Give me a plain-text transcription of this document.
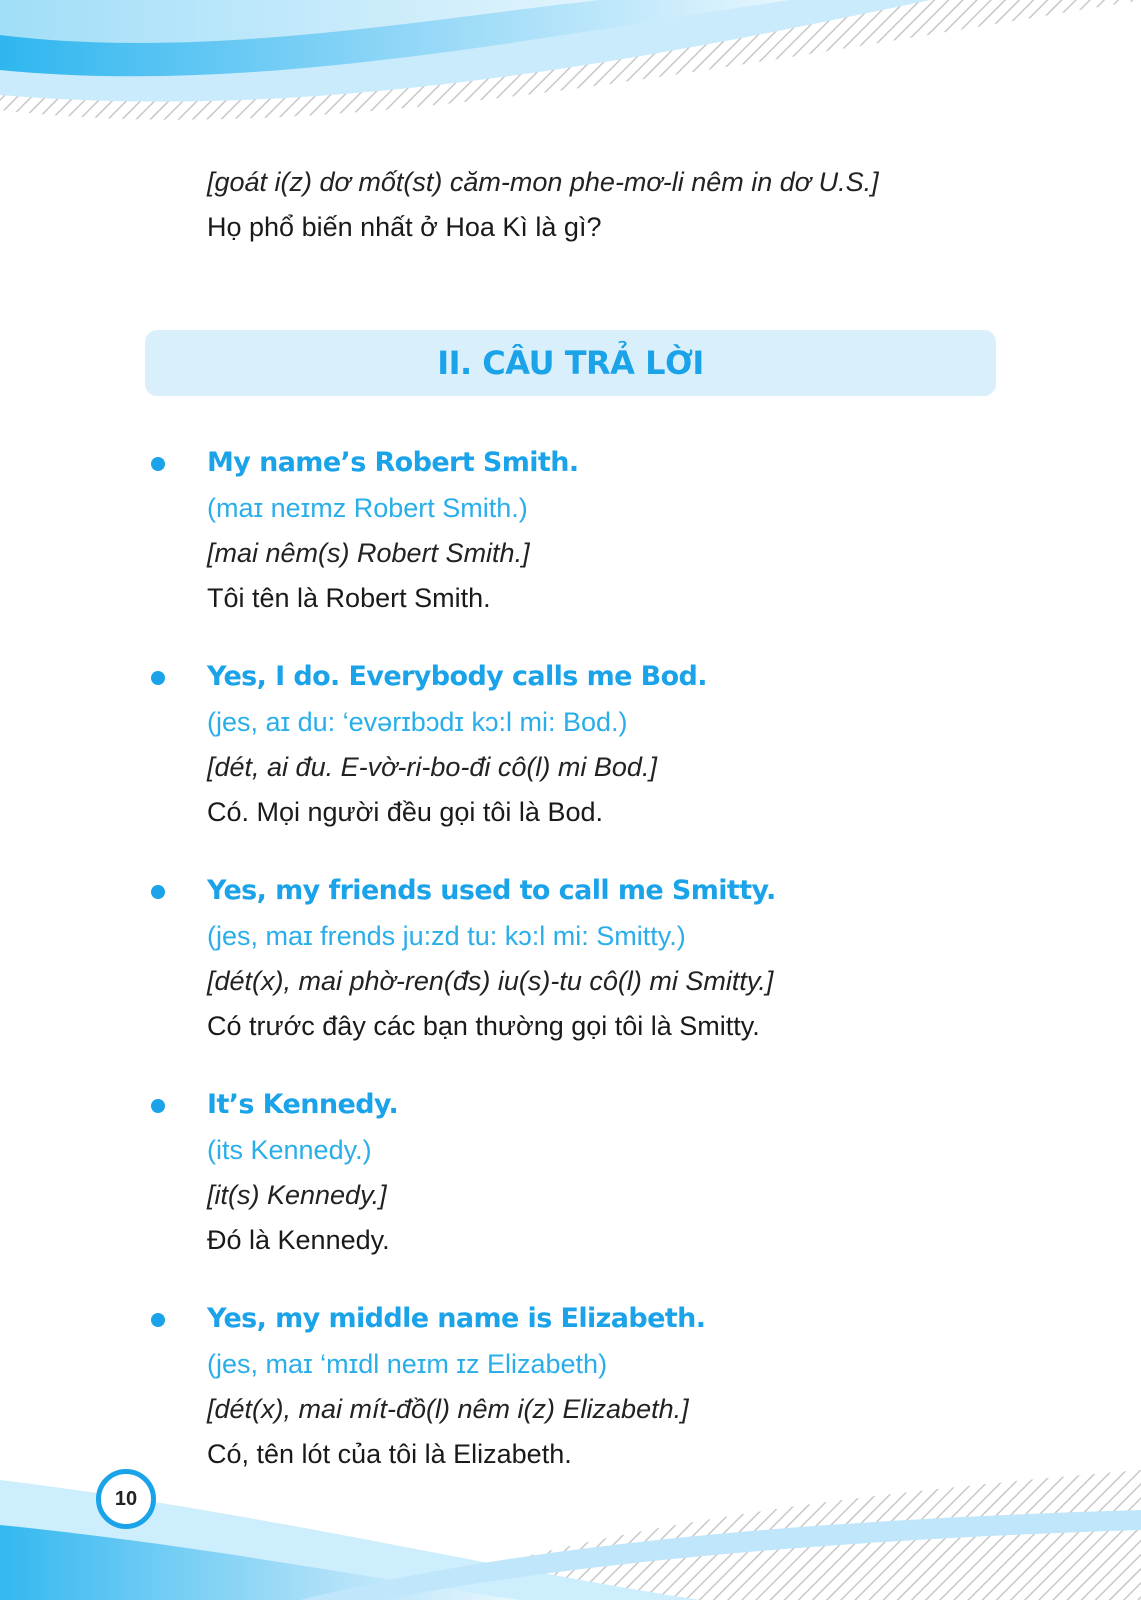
[goát i(z) dơ mốt(st) căm-mon phe-mơ-li nêm in dơ U.S.]
Họ phổ biến nhất ở Hoa Kì là gì?
II. CÂU TRẢ LỜI
My name’s Robert Smith.
(maɪ neɪmz Robert Smith.)
[mai nêm(s) Robert Smith.]
Tôi tên là Robert Smith.
Yes, I do. Everybody calls me Bod.
(jes, aɪ du: ‘evərɪbɔdɪ kɔ:l mi: Bod.)
[dét, ai đu. E-vờ-ri-bo-đi cô(l) mi Bod.]
Có. Mọi người đều gọi tôi là Bod.
Yes, my friends used to call me Smitty.
(jes, maɪ frends ju:zd tu: kɔ:l mi: Smitty.)
[dét(x), mai phờ-ren(đs) iu(s)-tu cô(l) mi Smitty.]
Có trước đây các bạn thường gọi tôi là Smitty.
It’s Kennedy.
(its Kennedy.)
[it(s) Kennedy.]
Đó là Kennedy.
Yes, my middle name is Elizabeth.
(jes, maɪ ‘mɪdl neɪm ɪz Elizabeth)
[dét(x), mai mít-đồ(l) nêm i(z) Elizabeth.]
Có, tên lót của tôi là Elizabeth.
10
